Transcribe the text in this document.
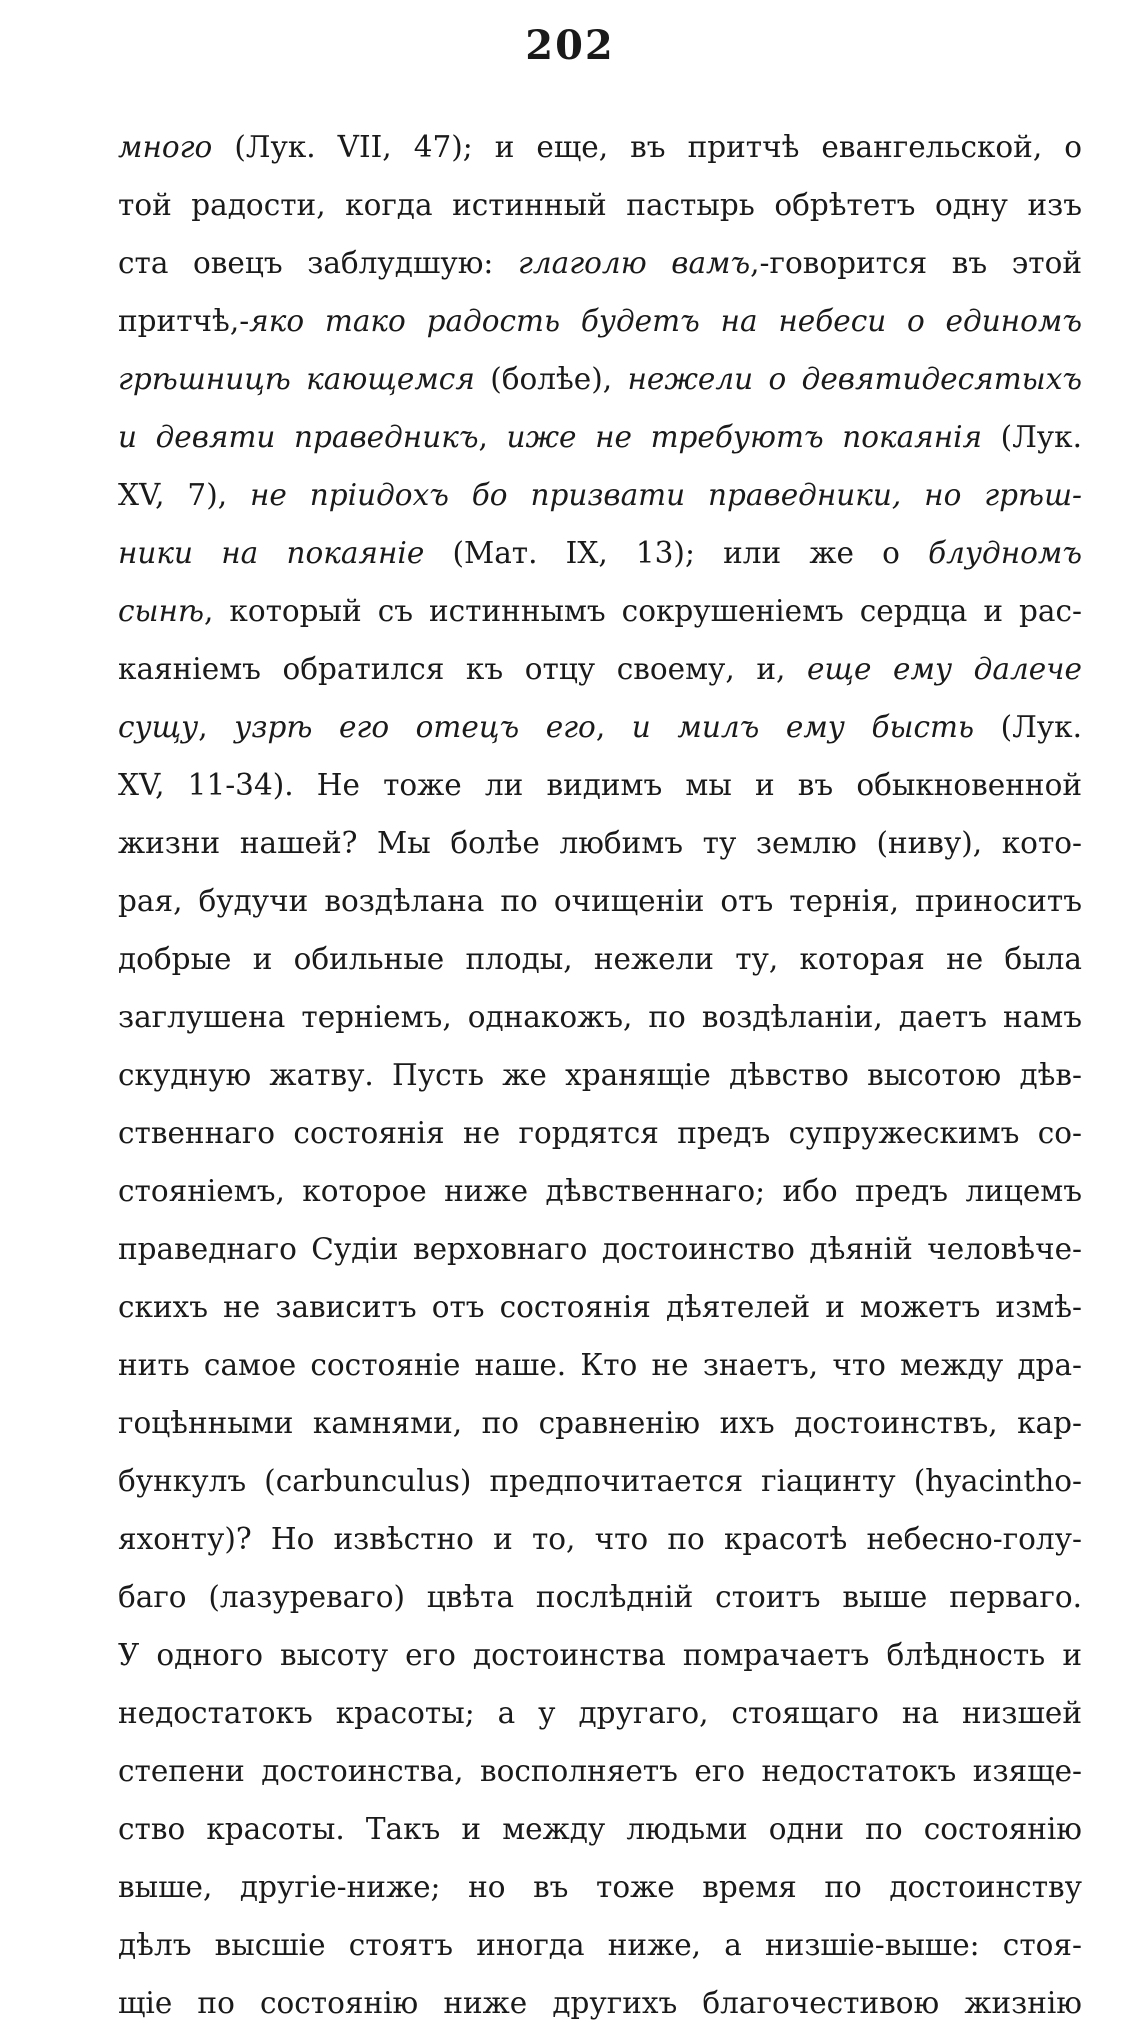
202
много (Лук. VII, 47); и еще, въ притчѣ евангельской, о
той радости, когда истинный пастырь обрѣтетъ одну изъ
ста овецъ заблудшую: глаголю вамъ,-говорится въ этой
притчѣ,-яко тако радость будетъ на небеси о единомъ
грѣшницѣ кающемся (болѣе), нежели о девятидесятыхъ
и девяти праведникъ, иже не требуютъ покаянія (Лук.
XV, 7), не пріидохъ бо призвати праведники, но грѣш-
ники на покаяніе (Мат. IX, 13); или же о блудномъ
сынѣ, который съ истиннымъ сокрушеніемъ сердца и рас-
каяніемъ обратился къ отцу своему, и, еще ему далече
сущу, узрѣ его отецъ его, и милъ ему бысть (Лук.
XV, 11-34). Не тоже ли видимъ мы и въ обыкновенной
жизни нашей? Мы болѣе любимъ ту землю (ниву), кото-
рая, будучи воздѣлана по очищеніи отъ тернія, приноситъ
добрые и обильные плоды, нежели ту, которая не была
заглушена терніемъ, однакожъ, по воздѣланіи, даетъ намъ
скудную жатву. Пусть же хранящіе дѣвство высотою дѣв-
ственнаго состоянія не гордятся предъ супружескимъ со-
стояніемъ, которое ниже дѣвственнаго; ибо предъ лицемъ
праведнаго Судіи верховнаго достоинство дѣяній человѣче-
скихъ не зависитъ отъ состоянія дѣятелей и можетъ измѣ-
нить самое состояніе наше. Кто не знаетъ, что между дра-
гоцѣнными камнями, по сравненію ихъ достоинствъ, кар-
бункулъ (carbunculus) предпочитается гіацинту (hyacintho-
яхонту)? Но извѣстно и то, что по красотѣ небесно-голу-
баго (лазуреваго) цвѣта послѣдній стоитъ выше перваго.
У одного высоту его достоинства помрачаетъ блѣдность и
недостатокъ красоты; а у другаго, стоящаго на низшей
степени достоинства, восполняетъ его недостатокъ изяще-
ство красоты. Такъ и между людьми одни по состоянію
выше, другіе-ниже; но въ тоже время по достоинству
дѣлъ высшіе стоятъ иногда ниже, а низшіе-выше: стоя-
щіе по состоянію ниже другихъ благочестивою жизнію
